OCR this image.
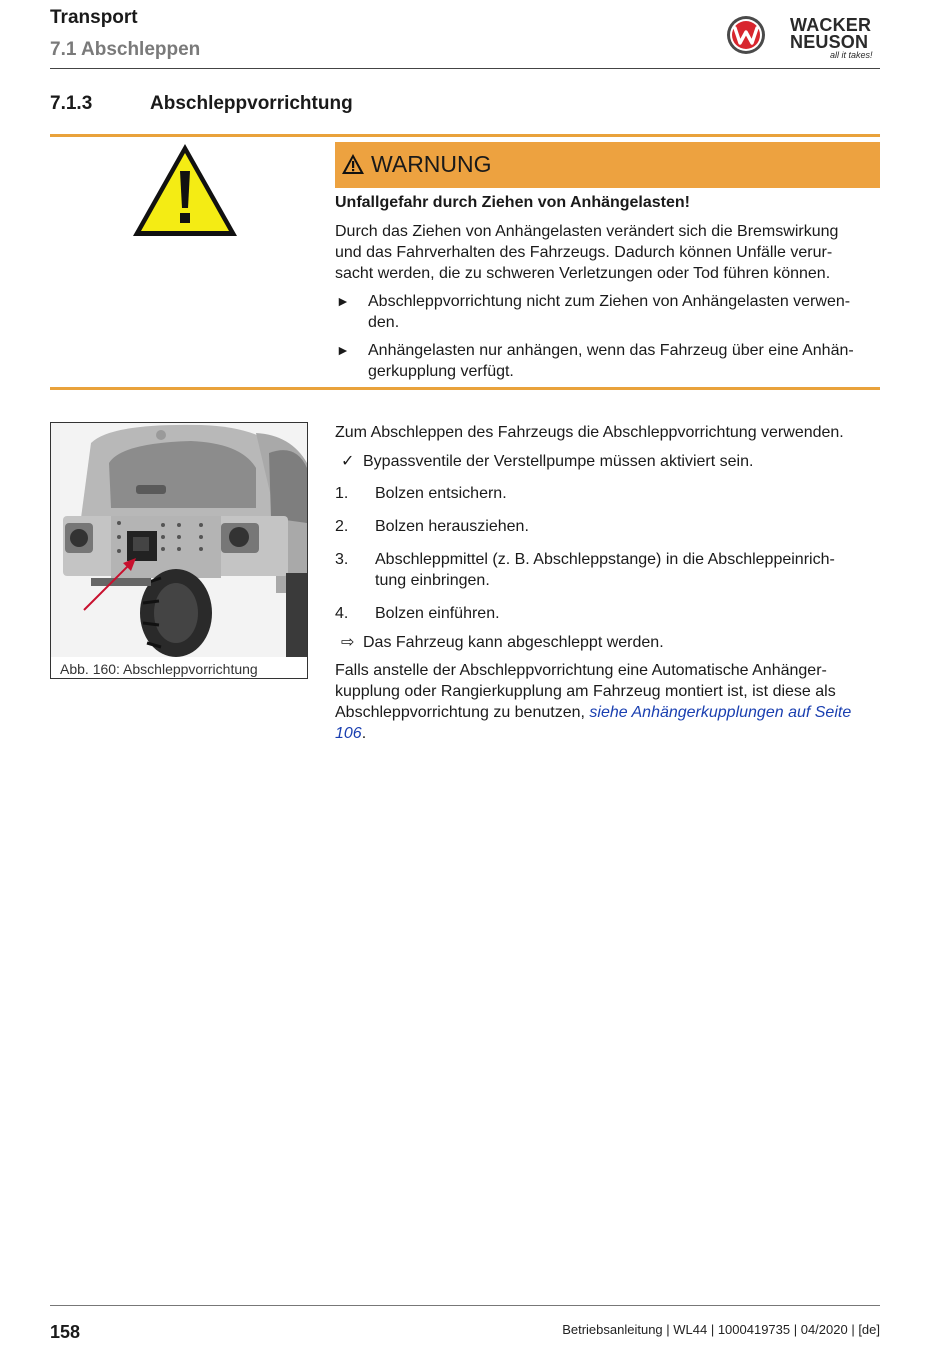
Transport
7.1 Abschleppen
WACKER
NEUSON
all it takes!
7.1.3	Abschleppvorrichtung
WARNUNG
Unfallgefahr durch Ziehen von Anhängelasten!
Durch das Ziehen von Anhängelasten verändert sich die Bremswirkung
und das Fahrverhalten des Fahrzeugs. Dadurch können Unfälle verur-
sacht werden, die zu schweren Verletzungen oder Tod führen können.
► Abschleppvorrichtung nicht zum Ziehen von Anhängelasten verwen-
den.
► Anhängelasten nur anhängen, wenn das Fahrzeug über eine Anhän-
gerkupplung verfügt.
Abb. 160: Abschleppvorrichtung
Zum Abschleppen des Fahrzeugs die Abschleppvorrichtung verwenden.
✓ Bypassventile der Verstellpumpe müssen aktiviert sein.
1. Bolzen entsichern.
2. Bolzen herausziehen.
3. Abschleppmittel (z. B. Abschleppstange) in die Abschleppeinrich-
tung einbringen.
4. Bolzen einführen.
⇨ Das Fahrzeug kann abgeschleppt werden.
Falls anstelle der Abschleppvorrichtung eine Automatische Anhänger-
kupplung oder Rangierkupplung am Fahrzeug montiert ist, ist diese als
Abschleppvorrichtung zu benutzen, siehe Anhängerkupplungen auf Seite
106.
158	Betriebsanleitung | WL44 | 1000419735 | 04/2020 | [de]
